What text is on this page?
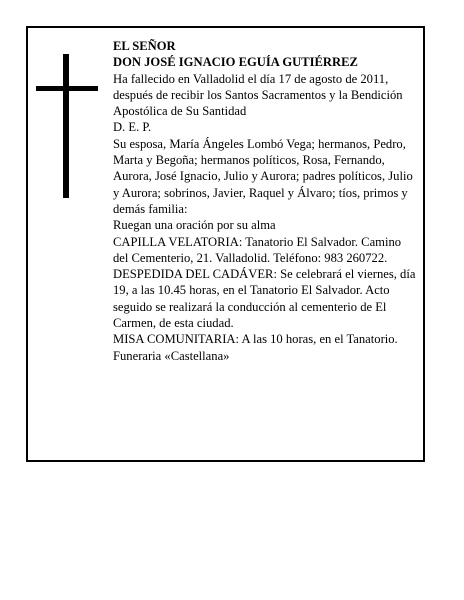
EL SEÑOR

DON JOSÉ IGNACIO EGUÍA GUTIÉRREZ

Ha fallecido en Valladolid el día 17 de agosto de 2011, después de recibir los Santos Sacramentos y la Bendición Apostólica de Su Santidad

D. E. P.

Su esposa, María Ángeles Lombó Vega; hermanos, Pedro, Marta y Begoña; hermanos políticos, Rosa, Fernando, Aurora, José Ignacio, Julio y Aurora; padres políticos, Julio y Aurora; sobrinos, Javier, Raquel y Álvaro; tíos, primos y demás familia:

Ruegan una oración por su alma

CAPILLA VELATORIA: Tanatorio El Salvador. Camino del Cementerio, 21. Valladolid. Teléfono: 983 260722.

DESPEDIDA DEL CADÁVER: Se celebrará el viernes, día 19, a las 10.45 horas, en el Tanatorio El Salvador. Acto seguido se realizará la conducción al cementerio de El Carmen, de esta ciudad.

MISA COMUNITARIA: A las 10 horas, en el Tanatorio.

Funeraria «Castellana»
